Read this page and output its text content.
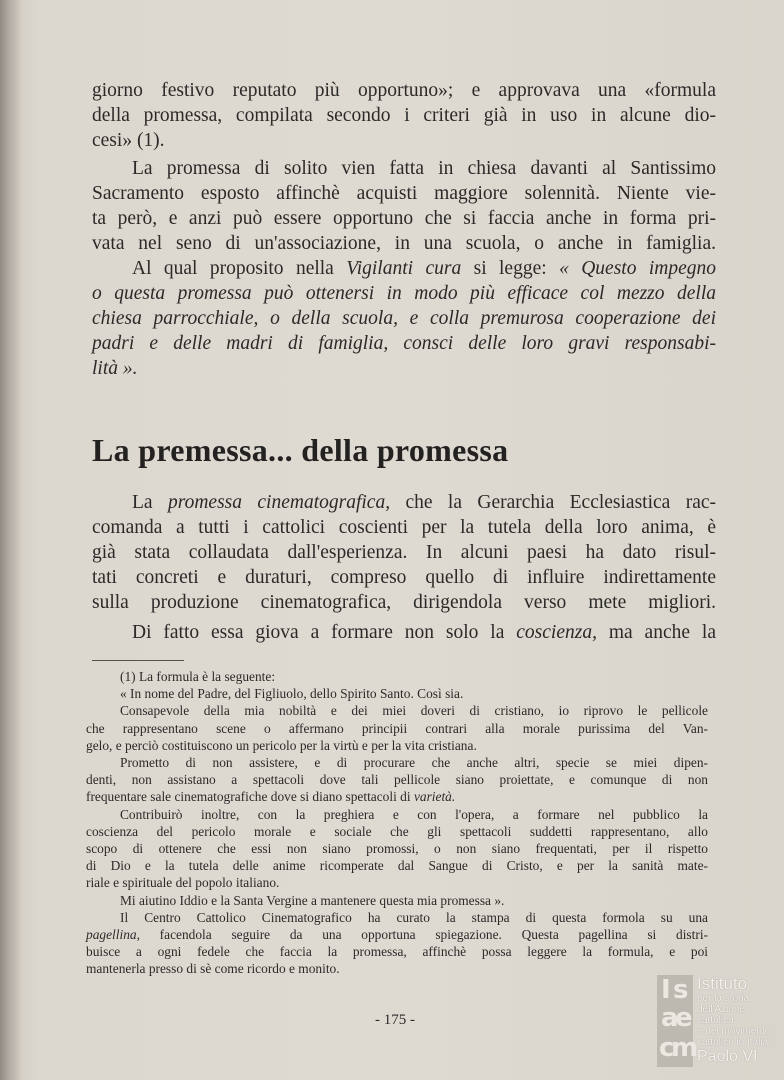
giorno festivo reputato più opportuno»; e approvava una «formula
della promessa, compilata secondo i criteri già in uso in alcune dio-
cesi» (1).
La promessa di solito vien fatta in chiesa davanti al Santissimo
Sacramento esposto affinchè acquisti maggiore solennità. Niente vie-
ta però, e anzi può essere opportuno che si faccia anche in forma pri-
vata nel seno di un'associazione, in una scuola, o anche in famiglia.
Al qual proposito nella Vigilanti cura si legge: « Questo impegno
o questa promessa può ottenersi in modo più efficace col mezzo della
chiesa parrocchiale, o della scuola, e colla premurosa cooperazione dei
padri e delle madri di famiglia, consci delle loro gravi responsabi-
lità ».
La premessa... della promessa
La promessa cinematografica, che la Gerarchia Ecclesiastica rac-
comanda a tutti i cattolici coscienti per la tutela della loro anima, è
già stata collaudata dall'esperienza. In alcuni paesi ha dato risul-
tati concreti e duraturi, compreso quello di influire indirettamente
sulla produzione cinematografica, dirigendola verso mete migliori.
Di fatto essa giova a formare non solo la coscienza, ma anche la
(1) La formula è la seguente:
« In nome del Padre, del Figliuolo, dello Spirito Santo. Così sia.
Consapevole della mia nobiltà e dei miei doveri di cristiano, io riprovo le pellicole
che rappresentano scene o affermano principii contrari alla morale purissima del Van-
gelo, e perciò costituiscono un pericolo per la virtù e per la vita cristiana.
Prometto di non assistere, e di procurare che anche altri, specie se miei dipen-
denti, non assistano a spettacoli dove tali pellicole siano proiettate, e comunque di non
frequentare sale cinematografiche dove si diano spettacoli di varietà.
Contribuirò inoltre, con la preghiera e con l'opera, a formare nel pubblico la
coscienza del pericolo morale e sociale che gli spettacoli suddetti rappresentano, allo
scopo di ottenere che essi non siano promossi, o non siano frequentati, per il rispetto
di Dio e la tutela delle anime ricomperate dal Sangue di Cristo, e per la sanità mate-
riale e spirituale del popolo italiano.
Mi aiutino Iddio e la Santa Vergine a mantenere questa mia promessa ».
Il Centro Cattolico Cinematografico ha curato la stampa di questa formola su una
pagellina, facendola seguire da una opportuna spiegazione. Questa pagellina si distri-
buisce a ogni fedele che faccia la promessa, affinchè possa leggere la formula, e poi
mantenerla presso di sè come ricordo e monito.
- 175 -
I s
a
e
c
m
Istituto
per la storia
dell'Azione cattolica
e del movimento
cattolico in Italia
Paolo VI
